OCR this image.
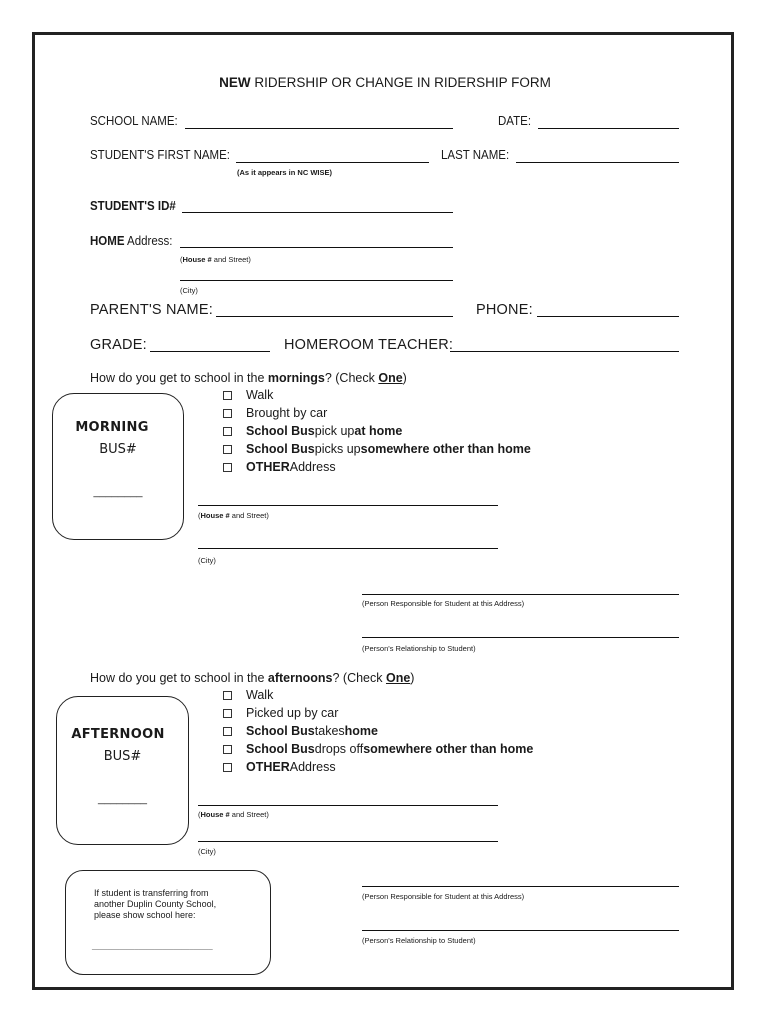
NEW RIDERSHIP OR CHANGE IN RIDERSHIP FORM
SCHOOL NAME:	DATE:
STUDENT'S FIRST NAME:
(As it appears in NC WISE)
LAST NAME:
STUDENT'S ID#
HOME Address:
(House # and Street)
(City)
PARENT'S NAME:	PHONE:
GRADE:	HOMEROOM TEACHER:
How do you get to school in the mornings? (Check One)
MORNING
BUS#
________
Walk
Brought by car
School Bus pick up at home
School Bus picks up somewhere other than home
OTHER Address
(House # and Street)
(City)
(Person Responsible for Student at this Address)
(Person's Relationship to Student)
How do you get to school in the afternoons? (Check One)
AFTERNOON
BUS#
________
Walk
Picked up by car
School Bus takes home
School Bus drops off somewhere other than home
OTHER Address
(House # and Street)
(City)
If student is transferring from
another Duplin County School,
please show school here:
_______________________________
(Person Responsible for Student at this Address)
(Person's Relationship to Student)
